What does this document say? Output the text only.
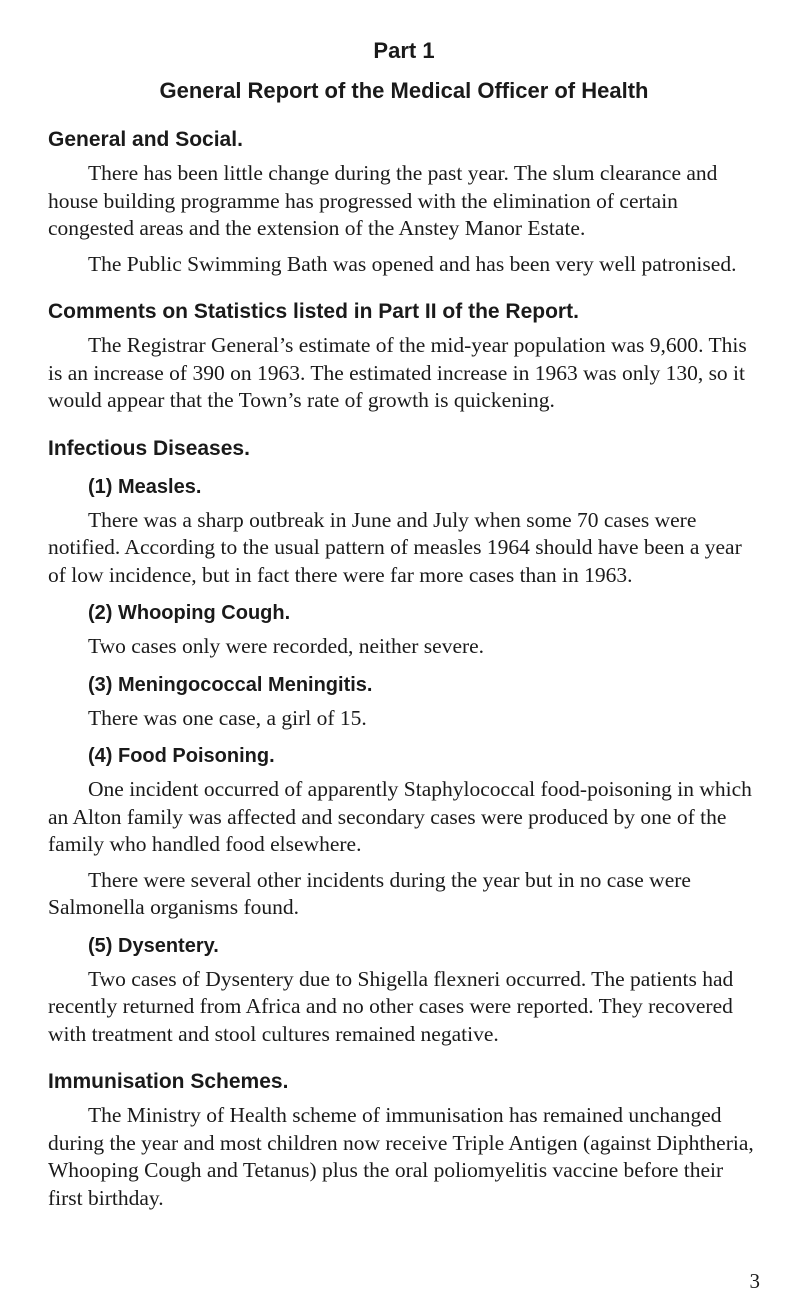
Part 1
General Report of the Medical Officer of Health
General and Social.

There has been little change during the past year. The slum clearance and house building programme has progressed with the elimination of certain congested areas and the extension of the Anstey Manor Estate.

The Public Swimming Bath was opened and has been very well patronised.

Comments on Statistics listed in Part II of the Report.

The Registrar General’s estimate of the mid-year population was 9,600. This is an increase of 390 on 1963. The estimated increase in 1963 was only 130, so it would appear that the Town’s rate of growth is quickening.

Infectious Diseases.
(1) Measles.

There was a sharp outbreak in June and July when some 70 cases were notified. According to the usual pattern of measles 1964 should have been a year of low incidence, but in fact there were far more cases than in 1963.

(2) Whooping Cough.

Two cases only were recorded, neither severe.

(3) Meningococcal Meningitis.

There was one case, a girl of 15.

(4) Food Poisoning.

One incident occurred of apparently Staphylococcal food-poisoning in which an Alton family was affected and secondary cases were produced by one of the family who handled food elsewhere.

There were several other incidents during the year but in no case were Salmonella organisms found.

(5) Dysentery.

Two cases of Dysentery due to Shigella flexneri occurred. The patients had recently returned from Africa and no other cases were reported. They recovered with treatment and stool cultures remained negative.

Immunisation Schemes.

The Ministry of Health scheme of immunisation has remained unchanged during the year and most children now receive Triple Antigen (against Diphtheria, Whooping Cough and Tetanus) plus the oral poliomyelitis vaccine before their first birthday.

3
